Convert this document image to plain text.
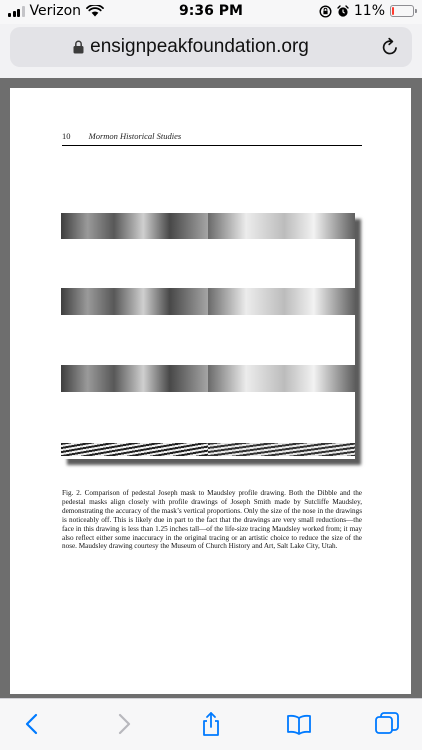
Verizon	9:36 PM	11%
ensignpeakfoundation.org
10 Mormon Historical Studies

Fig. 2. Comparison of pedestal Joseph mask to Maudsley profile drawing. Both the Dibble and the pedestal masks align closely with profile drawings of Joseph Smith made by Sutcliffe Maudsley, demonstrating the accuracy of the mask’s vertical proportions. Only the size of the nose in the drawings is noticeably off. This is likely due in part to the fact that the drawings are very small reductions—the face in this drawing is less than 1.25 inches tall—of the life-size tracing Maudsley worked from; it may also reflect either some inaccuracy in the original tracing or an artistic choice to reduce the size of the nose. Maudsley drawing courtesy the Museum of Church History and Art, Salt Lake City, Utah.
